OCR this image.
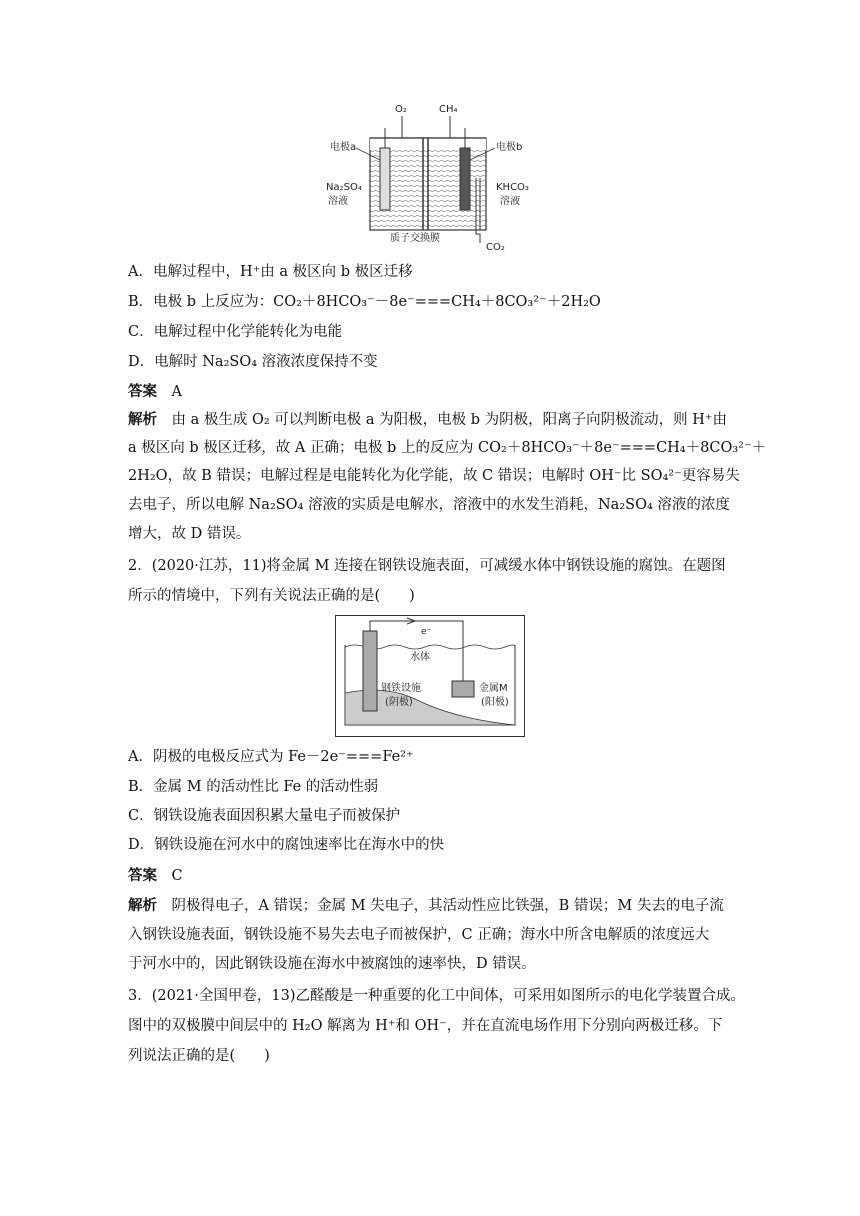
O₂	CH₄
电极a	电极b
Na₂SO₄
溶液
KHCO₃
溶液
质子交换膜
CO₂
A．电解过程中，H⁺由 a 极区向 b 极区迁移
B．电极 b 上反应为：CO₂＋8HCO₃⁻－8e⁻===CH₄＋8CO₃²⁻＋2H₂O
C．电解过程中化学能转化为电能
D．电解时 Na₂SO₄ 溶液浓度保持不变
答案　 A
解析　 由 a 极生成 O₂ 可以判断电极 a 为阳极，电极 b 为阴极，阳离子向阴极流动，则 H⁺由
a 极区向 b 极区迁移，故 A 正确；电极 b 上的反应为 CO₂＋8HCO₃⁻＋8e⁻===CH₄＋8CO₃²⁻＋
2H₂O，故 B 错误；电解过程是电能转化为化学能，故 C 错误；电解时 OH⁻比 SO₄²⁻更容易失
去电子，所以电解 Na₂SO₄ 溶液的实质是电解水，溶液中的水发生消耗，Na₂SO₄ 溶液的浓度
增大，故 D 错误。
2．(2020·江苏，11)将金属 M 连接在钢铁设施表面，可减缓水体中钢铁设施的腐蚀。在题图
所示的情境中，下列有关说法正确的是(　　)
e⁻
水体
钢铁设施
(阴极)
金属M
(阳极)
A．阴极的电极反应式为 Fe－2e⁻===Fe²⁺
B．金属 M 的活动性比 Fe 的活动性弱
C．钢铁设施表面因积累大量电子而被保护
D．钢铁设施在河水中的腐蚀速率比在海水中的快
答案　 C
解析　 阴极得电子，A 错误；金属 M 失电子，其活动性应比铁强，B 错误；M 失去的电子流
入钢铁设施表面，钢铁设施不易失去电子而被保护，C 正确；海水中所含电解质的浓度远大
于河水中的，因此钢铁设施在海水中被腐蚀的速率快，D 错误。
3．(2021·全国甲卷，13)乙醛酸是一种重要的化工中间体，可采用如图所示的电化学装置合成。
图中的双极膜中间层中的 H₂O 解离为 H⁺和 OH⁻，并在直流电场作用下分别向两极迁移。下
列说法正确的是(　　)
